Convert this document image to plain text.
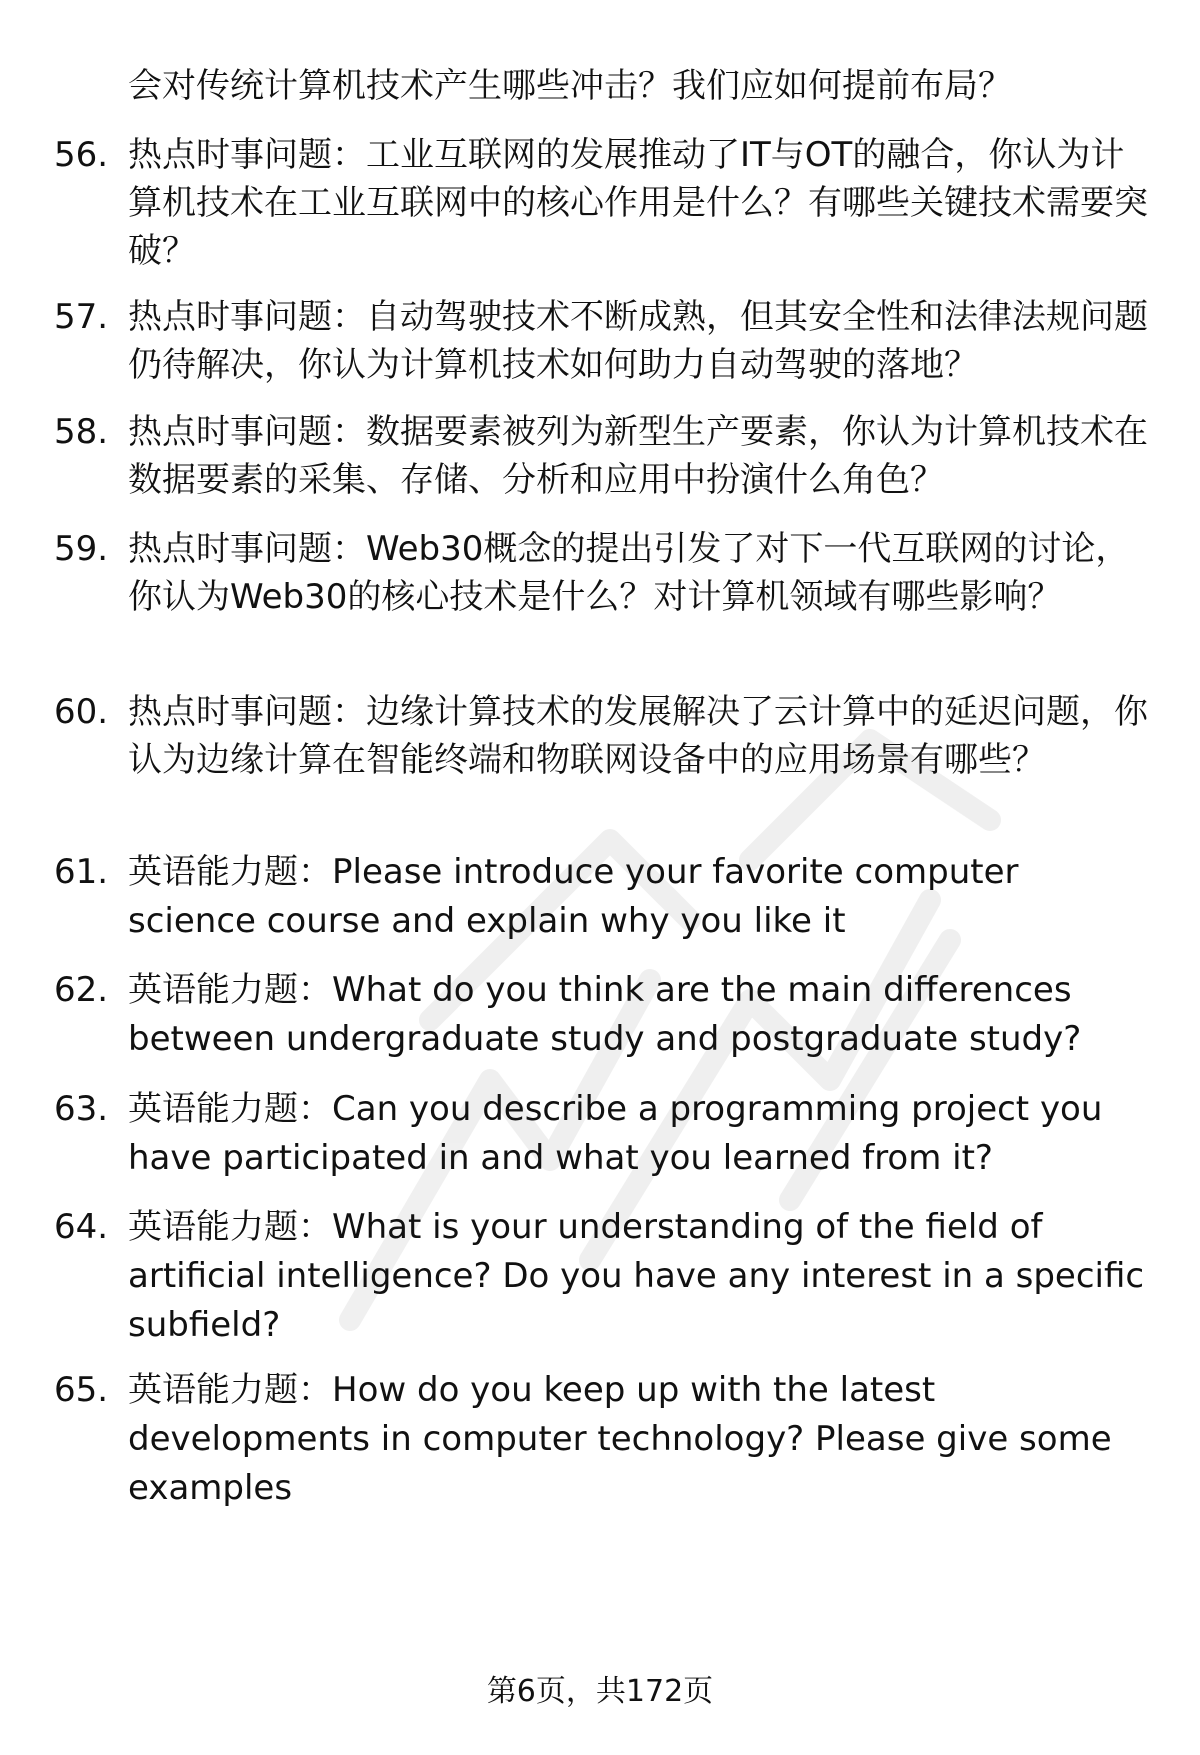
会对传统计算机技术产生哪些冲击？我们应如何提前布局？
56. 热点时事问题：工业互联网的发展推动了IT与OT的融合，你认为计算机技术在工业互联网中的核心作用是什么？有哪些关键技术需要突破？
57. 热点时事问题：自动驾驶技术不断成熟，但其安全性和法律法规问题仍待解决，你认为计算机技术如何助力自动驾驶的落地？
58. 热点时事问题：数据要素被列为新型生产要素，你认为计算机技术在数据要素的采集、存储、分析和应用中扮演什么角色？
59. 热点时事问题：Web30概念的提出引发了对下一代互联网的讨论，你认为Web30的核心技术是什么？对计算机领域有哪些影响？
60. 热点时事问题：边缘计算技术的发展解决了云计算中的延迟问题，你认为边缘计算在智能终端和物联网设备中的应用场景有哪些？
61. 英语能力题：Please introduce your favorite computer science course and explain why you like it
62. 英语能力题：What do you think are the main differences between undergraduate study and postgraduate study?
63. 英语能力题：Can you describe a programming project you have participated in and what you learned from it?
64. 英语能力题：What is your understanding of the field of artificial intelligence? Do you have any interest in a specific subfield?
65. 英语能力题：How do you keep up with the latest developments in computer technology? Please give some examples
第6页，共172页
